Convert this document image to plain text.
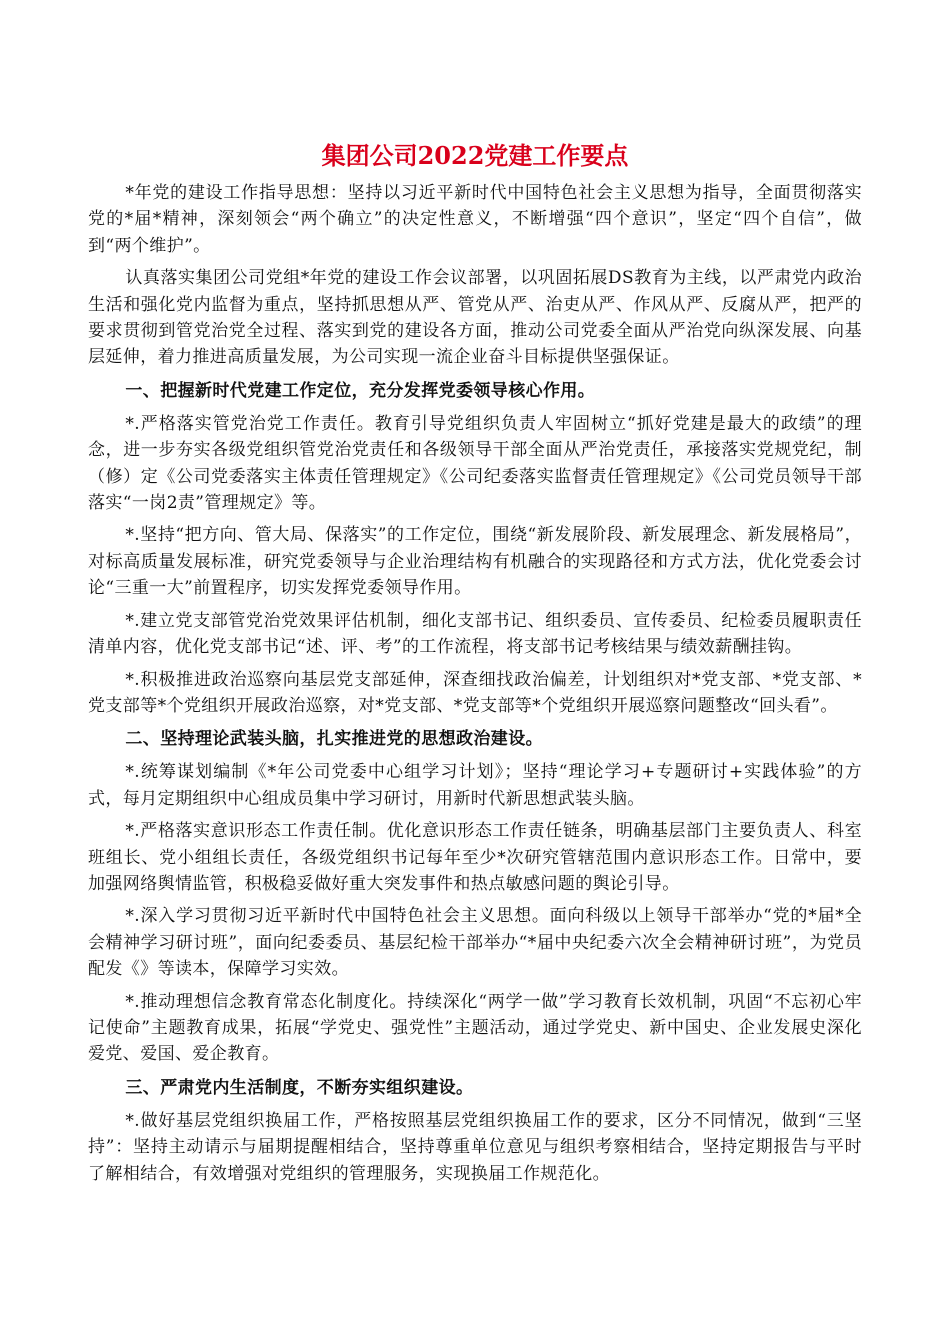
集团公司2022党建工作要点

*年党的建设工作指导思想：坚持以习近平新时代中国特色社会主义思想为指导，全面贯彻落实党的*届*精神，深刻领会“两个确立”的决定性意义，不断增强“四个意识”，坚定“四个自信”，做到“两个维护”。

认真落实集团公司党组*年党的建设工作会议部署，以巩固拓展DS教育为主线，以严肃党内政治生活和强化党内监督为重点，坚持抓思想从严、管党从严、治吏从严、作风从严、反腐从严，把严的要求贯彻到管党治党全过程、落实到党的建设各方面，推动公司党委全面从严治党向纵深发展、向基层延伸，着力推进高质量发展，为公司实现一流企业奋斗目标提供坚强保证。

一、把握新时代党建工作定位，充分发挥党委领导核心作用。

*.严格落实管党治党工作责任。教育引导党组织负责人牢固树立“抓好党建是最大的政绩”的理念，进一步夯实各级党组织管党治党责任和各级领导干部全面从严治党责任，承接落实党规党纪，制（修）定《公司党委落实主体责任管理规定》《公司纪委落实监督责任管理规定》《公司党员领导干部落实“一岗2责”管理规定》等。

*.坚持“把方向、管大局、保落实”的工作定位，围绕“新发展阶段、新发展理念、新发展格局”，对标高质量发展标准，研究党委领导与企业治理结构有机融合的实现路径和方式方法，优化党委会讨论“三重一大”前置程序，切实发挥党委领导作用。

*.建立党支部管党治党效果评估机制，细化支部书记、组织委员、宣传委员、纪检委员履职责任清单内容，优化党支部书记“述、评、考”的工作流程，将支部书记考核结果与绩效薪酬挂钩。

*.积极推进政治巡察向基层党支部延伸，深查细找政治偏差，计划组织对*党支部、*党支部、*党支部等*个党组织开展政治巡察，对*党支部、*党支部等*个党组织开展巡察问题整改“回头看”。

二、坚持理论武装头脑，扎实推进党的思想政治建设。

*.统筹谋划编制《*年公司党委中心组学习计划》；坚持“理论学习+专题研讨+实践体验”的方式，每月定期组织中心组成员集中学习研讨，用新时代新思想武装头脑。

*.严格落实意识形态工作责任制。优化意识形态工作责任链条，明确基层部门主要负责人、科室班组长、党小组组长责任，各级党组织书记每年至少*次研究管辖范围内意识形态工作。日常中，要加强网络舆情监管，积极稳妥做好重大突发事件和热点敏感问题的舆论引导。

*.深入学习贯彻习近平新时代中国特色社会主义思想。面向科级以上领导干部举办“党的*届*全会精神学习研讨班”，面向纪委委员、基层纪检干部举办“*届中央纪委六次全会精神研讨班”，为党员配发《》等读本，保障学习实效。

*.推动理想信念教育常态化制度化。持续深化“两学一做”学习教育长效机制，巩固“不忘初心牢记使命”主题教育成果，拓展“学党史、强党性”主题活动，通过学党史、新中国史、企业发展史深化爱党、爱国、爱企教育。

三、严肃党内生活制度，不断夯实组织建设。

*.做好基层党组织换届工作，严格按照基层党组织换届工作的要求，区分不同情况，做到“三坚持”：坚持主动请示与届期提醒相结合，坚持尊重单位意见与组织考察相结合，坚持定期报告与平时了解相结合，有效增强对党组织的管理服务，实现换届工作规范化。
